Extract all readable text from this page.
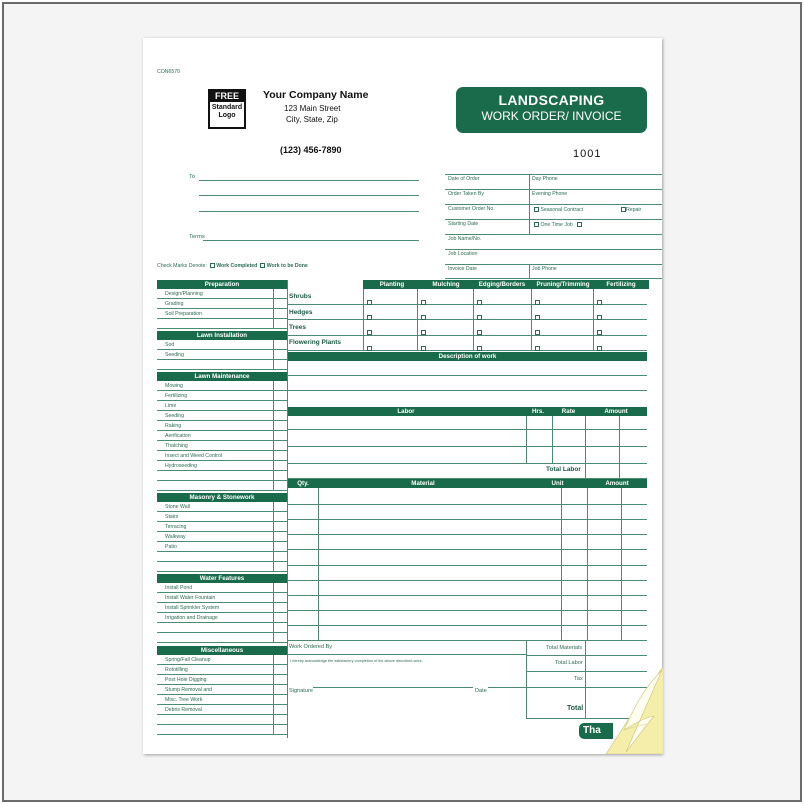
CON6570
FREE
Standard
Logo
Your Company Name
123 Main Street
City, State, Zip
(123) 456-7890
LANDSCAPING
WORK ORDER/ INVOICE
1001
To
Terms
Date of Order	Day Phone
Order Taken By	Evening Phone
Customer Order No.	Seasonal Contract	Repair
Starting Date	One Time Job
Job Name/No.
Job Location
Invoice Date	Job Phone
Check Marks Denote: Work Completed Work to be Done
Preparation
Design/Planning
Grading
Soil Preparation
Lawn Installation
Sod
Seeding
Lawn Maintenance
Mowing
Fertilizing
Lime
Seeding
Raking
Aerification
Thatching
Insect and Weed Control
Hydroseeding
Masonry & Stonework
Stone Wall
Stairs
Terracing
Walkway
Patio
Water Features
Install Pond
Install Water Fountain
Install Sprinkler System
Irrigation and Drainage
Miscellaneous
Spring/Fall Cleanup
Rototilling
Post Hole Digging
Stump Removal and
Misc. Tree Work
Debris Removal
Planting	Mulching	Edging/Borders	Pruning/Trimming	Fertilizing
Shrubs
Hedges
Trees
Flowering Plants
Description of work
Labor	Hrs.	Rate	Amount
Total Labor
Qty.	Material	Unit	Amount
Work Ordered By
I hereby acknowledge the satisfactory completion of the above described work.
Signature	Date
Total Materials
Total Labor
Tax
Total
Tha
